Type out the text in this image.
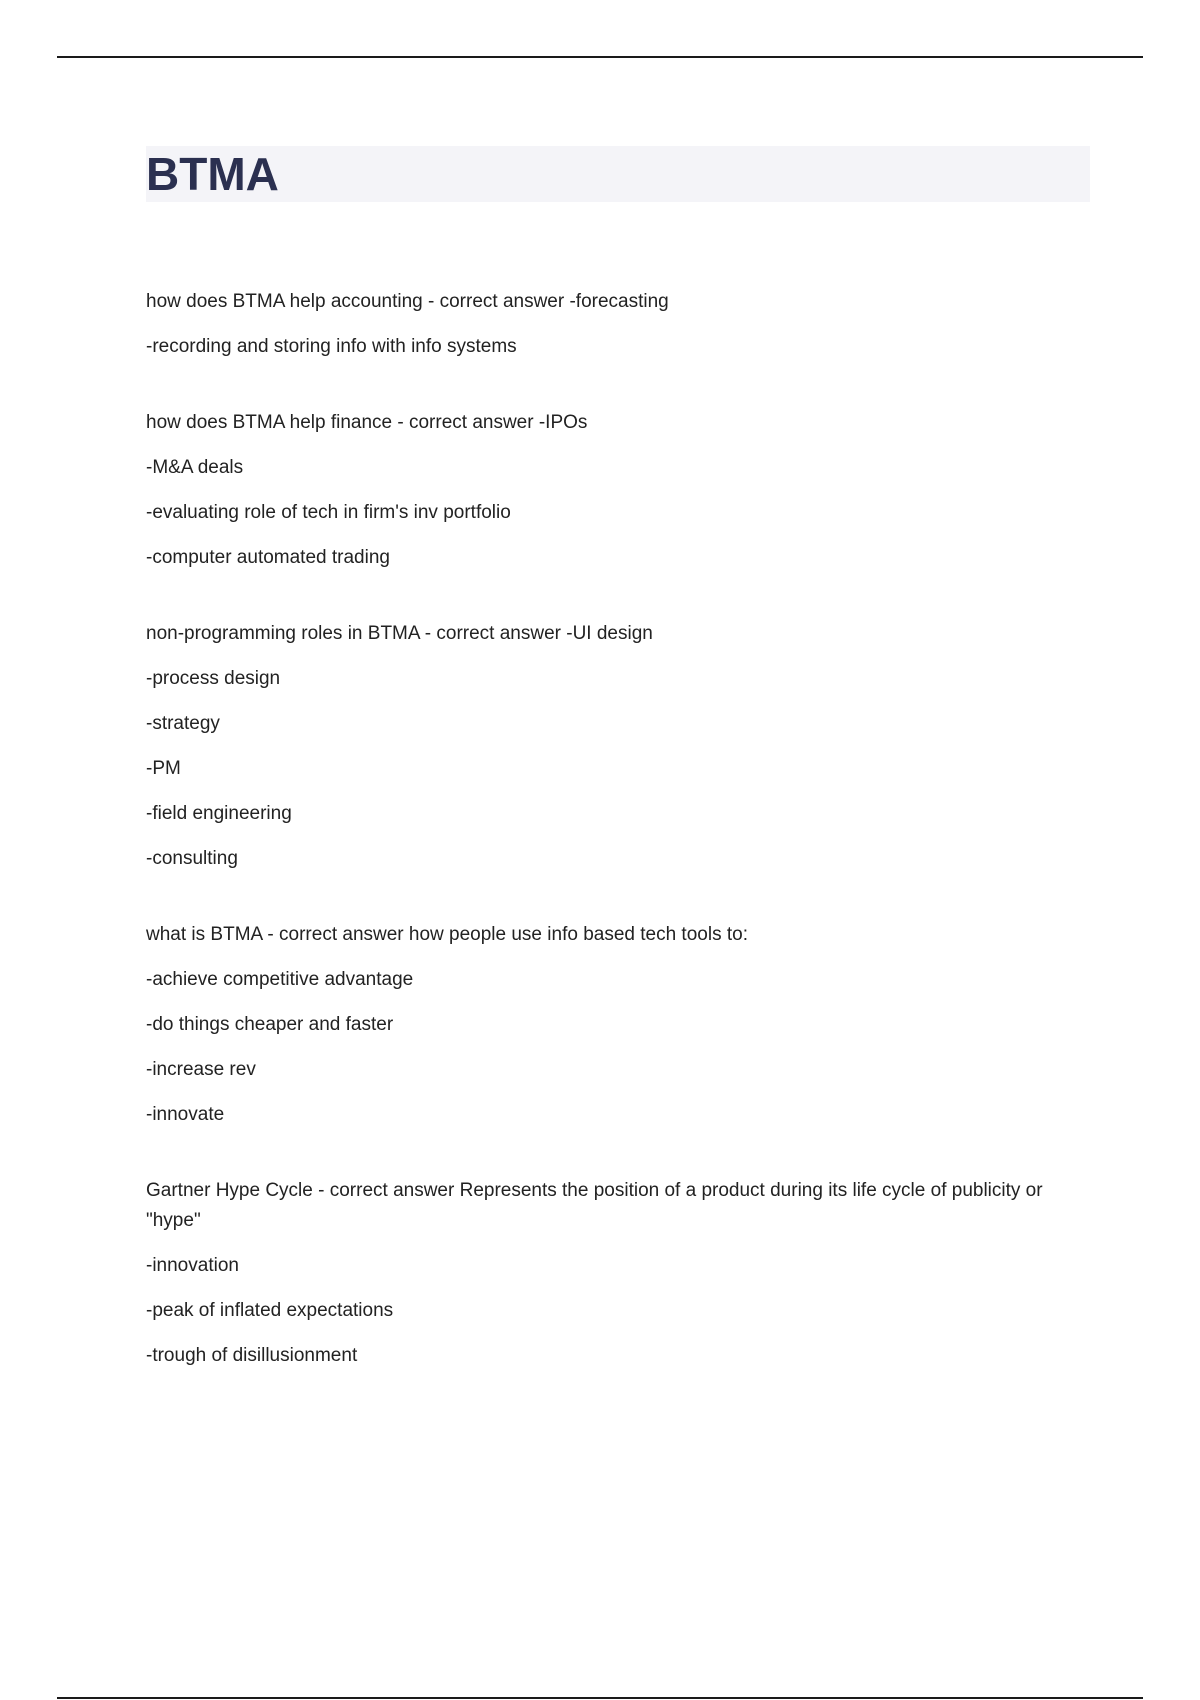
BTMA

how does BTMA help accounting - correct answer -forecasting

-recording and storing info with info systems

how does BTMA help finance - correct answer -IPOs

-M&A deals

-evaluating role of tech in firm's inv portfolio

-computer automated trading

non-programming roles in BTMA - correct answer -UI design

-process design

-strategy

-PM

-field engineering

-consulting

what is BTMA - correct answer how people use info based tech tools to:

-achieve competitive advantage

-do things cheaper and faster

-increase rev

-innovate

Gartner Hype Cycle - correct answer Represents the position of a product during its life cycle of publicity or "hype"

-innovation

-peak of inflated expectations

-trough of disillusionment
